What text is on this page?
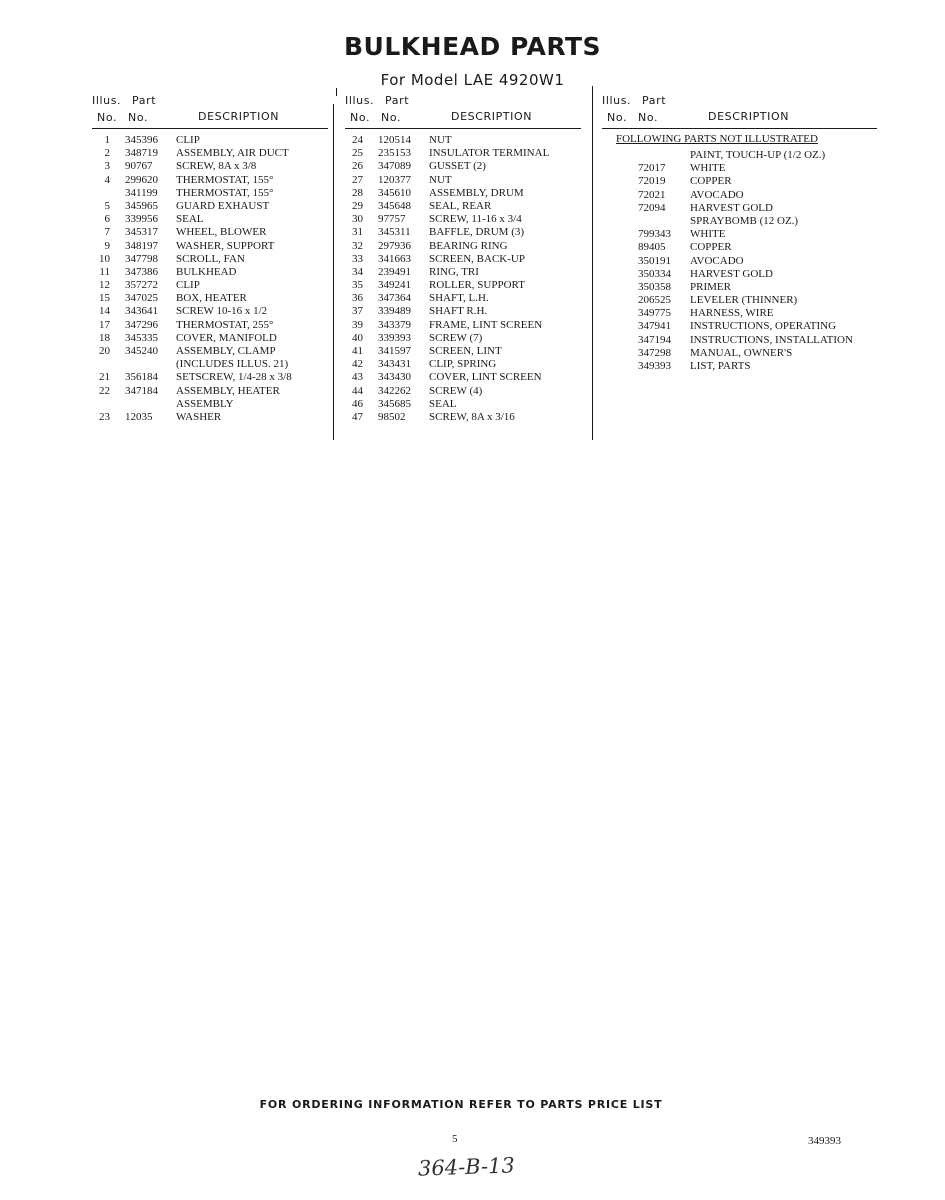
BULKHEAD PARTS
For Model LAE 4920W1
Illus. Part
No. No.	DESCRIPTION
1 345396 CLIP
2 348719 ASSEMBLY, AIR DUCT
3 90767 SCREW, 8A x 3/8
4 299620 THERMOSTAT, 155°
341199 THERMOSTAT, 155°
5 345965 GUARD EXHAUST
6 339956 SEAL
7 345317 WHEEL, BLOWER
9 348197 WASHER, SUPPORT
10 347798 SCROLL, FAN
11 347386 BULKHEAD
12 357272 CLIP
15 347025 BOX, HEATER
14 343641 SCREW 10-16 x 1/2
17 347296 THERMOSTAT, 255°
18 345335 COVER, MANIFOLD
20 345240 ASSEMBLY, CLAMP
(INCLUDES ILLUS. 21)
21 356184 SETSCREW, 1/4-28 x 3/8
22 347184 ASSEMBLY, HEATER
ASSEMBLY
23 12035 WASHER
Illus. Part
No. No.	DESCRIPTION
24 120514 NUT
25 235153 INSULATOR TERMINAL
26 347089 GUSSET (2)
27 120377 NUT
28 345610 ASSEMBLY, DRUM
29 345648 SEAL, REAR
30 97757 SCREW, 11-16 x 3/4
31 345311 BAFFLE, DRUM (3)
32 297936 BEARING RING
33 341663 SCREEN, BACK-UP
34 239491 RING, TRI
35 349241 ROLLER, SUPPORT
36 347364 SHAFT, L.H.
37 339489 SHAFT R.H.
39 343379 FRAME, LINT SCREEN
40 339393 SCREW (7)
41 341597 SCREEN, LINT
42 343431 CLIP, SPRING
43 343430 COVER, LINT SCREEN
44 342262 SCREW (4)
46 345685 SEAL
47 98502 SCREW, 8A x 3/16
Illus. Part
No. No.	DESCRIPTION
FOLLOWING PARTS NOT ILLUSTRATED
PAINT, TOUCH-UP (1/2 OZ.)
72017 WHITE
72019 COPPER
72021 AVOCADO
72094 HARVEST GOLD
SPRAYBOMB (12 OZ.)
799343 WHITE
89405 COPPER
350191 AVOCADO
350334 HARVEST GOLD
350358 PRIMER
206525 LEVELER (THINNER)
349775 HARNESS, WIRE
347941 INSTRUCTIONS, OPERATING
347194 INSTRUCTIONS, INSTALLATION
347298 MANUAL, OWNER'S
349393 LIST, PARTS
FOR ORDERING INFORMATION REFER TO PARTS PRICE LIST
5	349393
364-B-13
